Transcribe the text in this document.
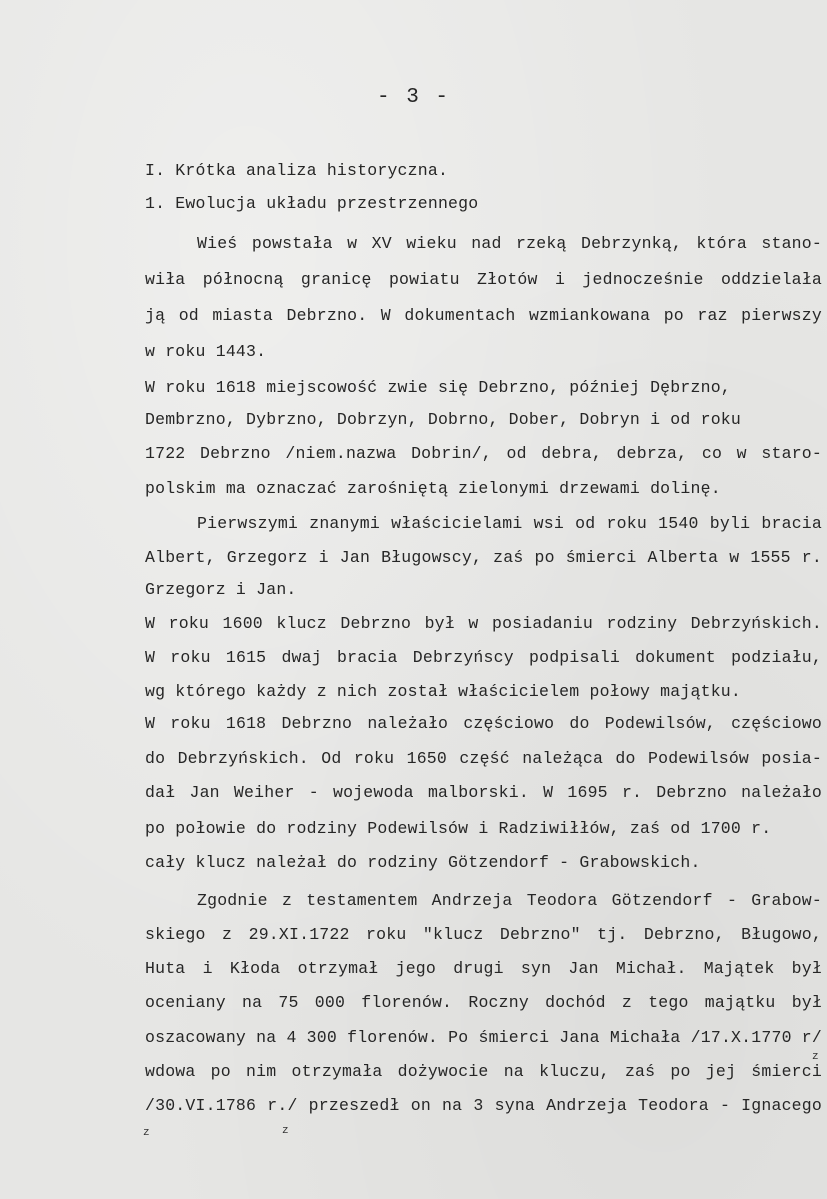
- 3 -
I. Krótka analiza historyczna.
1. Ewolucja układu przestrzennego
Wieś powstała w XV wieku nad rzeką Debrzynką, która stano-
wiła północną granicę powiatu Złotów i jednocześnie oddzielała
ją od miasta Debrzno. W dokumentach wzmiankowana po raz pierwszy
w roku 1443.
W roku 1618 miejscowość zwie się Debrzno, później Dębrzno,
Dembrzno, Dybrzno, Dobrzyn, Dobrno, Dober, Dobryn i od roku
1722 Debrzno /niem.nazwa Dobrin/, od debra, debrza, co w staro-
polskim ma oznaczać zarośniętą zielonymi drzewami dolinę.
Pierwszymi znanymi właścicielami wsi od roku 1540 byli bracia
Albert, Grzegorz i Jan Bługowscy, zaś po śmierci Alberta w 1555 r.
Grzegorz i Jan.
W roku 1600 klucz Debrzno był w posiadaniu rodziny Debrzyńskich.
W roku 1615 dwaj bracia Debrzyńscy podpisali dokument podziału,
wg którego każdy z nich został właścicielem połowy majątku.
W roku 1618 Debrzno należało częściowo do Podewilsów, częściowo
do Debrzyńskich. Od roku 1650 część należąca do Podewilsów posia-
dał Jan Weiher - wojewoda malborski. W 1695 r. Debrzno należało
po połowie do rodziny Podewilsów i Radziwiłłów, zaś od 1700 r.
cały klucz należał do rodziny Götzendorf - Grabowskich.
Zgodnie z testamentem Andrzeja Teodora Götzendorf - Grabow-
skiego z 29.XI.1722 roku "klucz Debrzno" tj. Debrzno, Bługowo,
Huta i Kłoda otrzymał jego drugi syn Jan Michał. Majątek był
oceniany na 75 000 florenów. Roczny dochód z tego majątku był
oszacowany na 4 300 florenów. Po śmierci Jana Michała /17.X.1770 r/
wdowa po nim otrzymała dożywocie na kluczu, zaś po jej śmierci
/30.VI.1786 r./ przeszedł on na 3 syna Andrzeja Teodora - Ignacego
z
z	z
